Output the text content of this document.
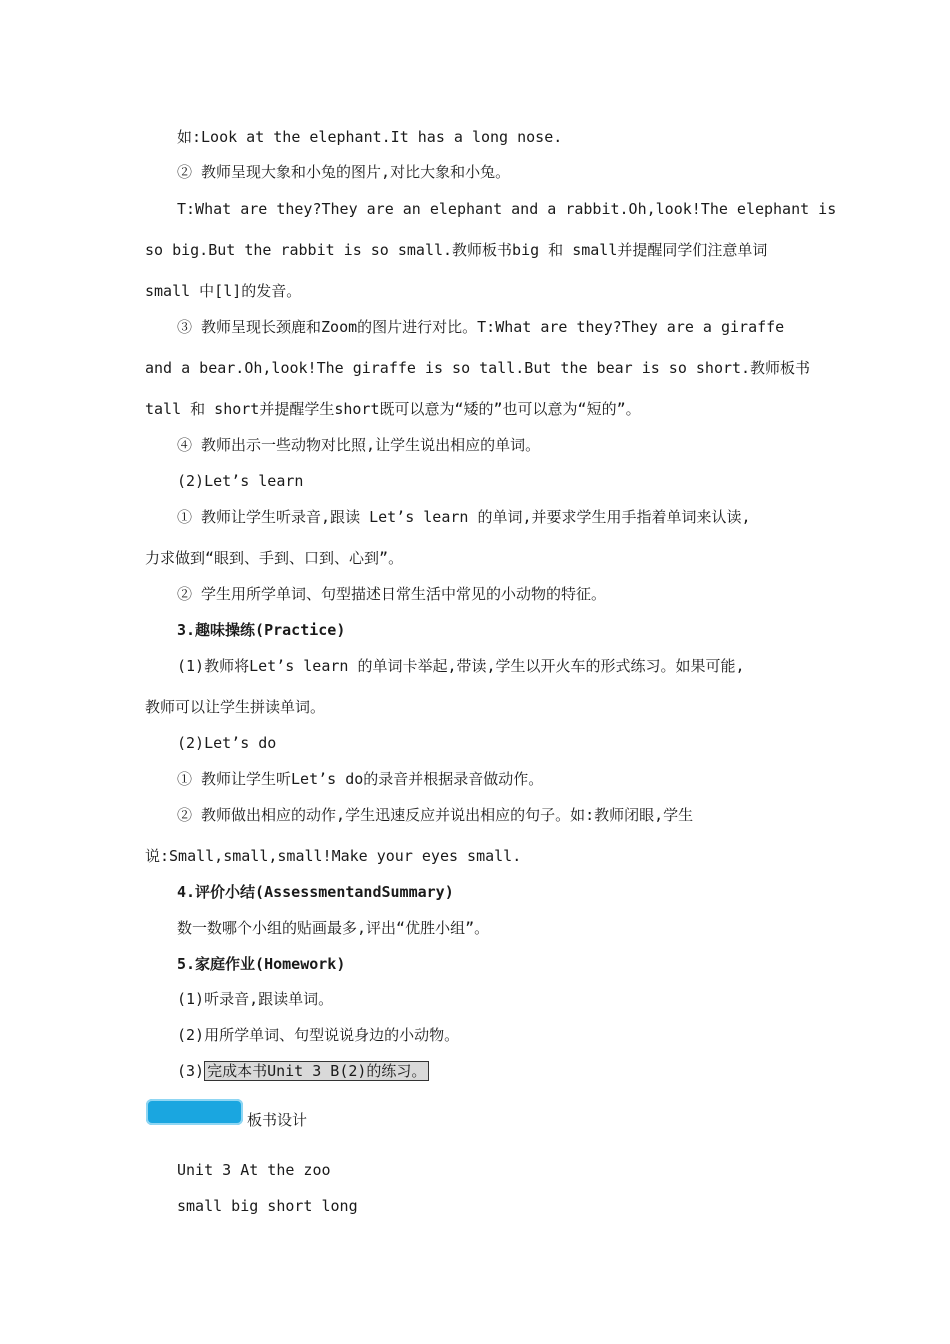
如:Look at the elephant.It has a long nose.
② 教师呈现大象和小兔的图片,对比大象和小兔。
T:What are they?They are an elephant and a rabbit.Oh,look!The elephant is
so big.But the rabbit is so small.教师板书big 和 small并提醒同学们注意单词
small 中[l]的发音。
③ 教师呈现长颈鹿和Zoom的图片进行对比。T:What are they?They are a giraffe
and a bear.Oh,look!The giraffe is so tall.But the bear is so short.教师板书
tall 和 short并提醒学生short既可以意为“矮的”也可以意为“短的”。
④ 教师出示一些动物对比照,让学生说出相应的单词。
(2)Let’s learn
① 教师让学生听录音,跟读 Let’s learn 的单词,并要求学生用手指着单词来认读,
力求做到“眼到、手到、口到、心到”。
② 学生用所学单词、句型描述日常生活中常见的小动物的特征。
3.趣味操练(Practice)
(1)教师将Let’s learn 的单词卡举起,带读,学生以开火车的形式练习。如果可能,
教师可以让学生拼读单词。
(2)Let’s do
① 教师让学生听Let’s do的录音并根据录音做动作。
② 教师做出相应的动作,学生迅速反应并说出相应的句子。如:教师闭眼,学生
说:Small,small,small!Make your eyes small.
4.评价小结(AssessmentandSummary)
数一数哪个小组的贴画最多,评出“优胜小组”。
5.家庭作业(Homework)
(1)听录音,跟读单词。
(2)用所学单词、句型说说身边的小动物。
(3) 完成本书Unit 3 B(2)的练习。
板书设计
Unit 3 At the zoo
small big short long
